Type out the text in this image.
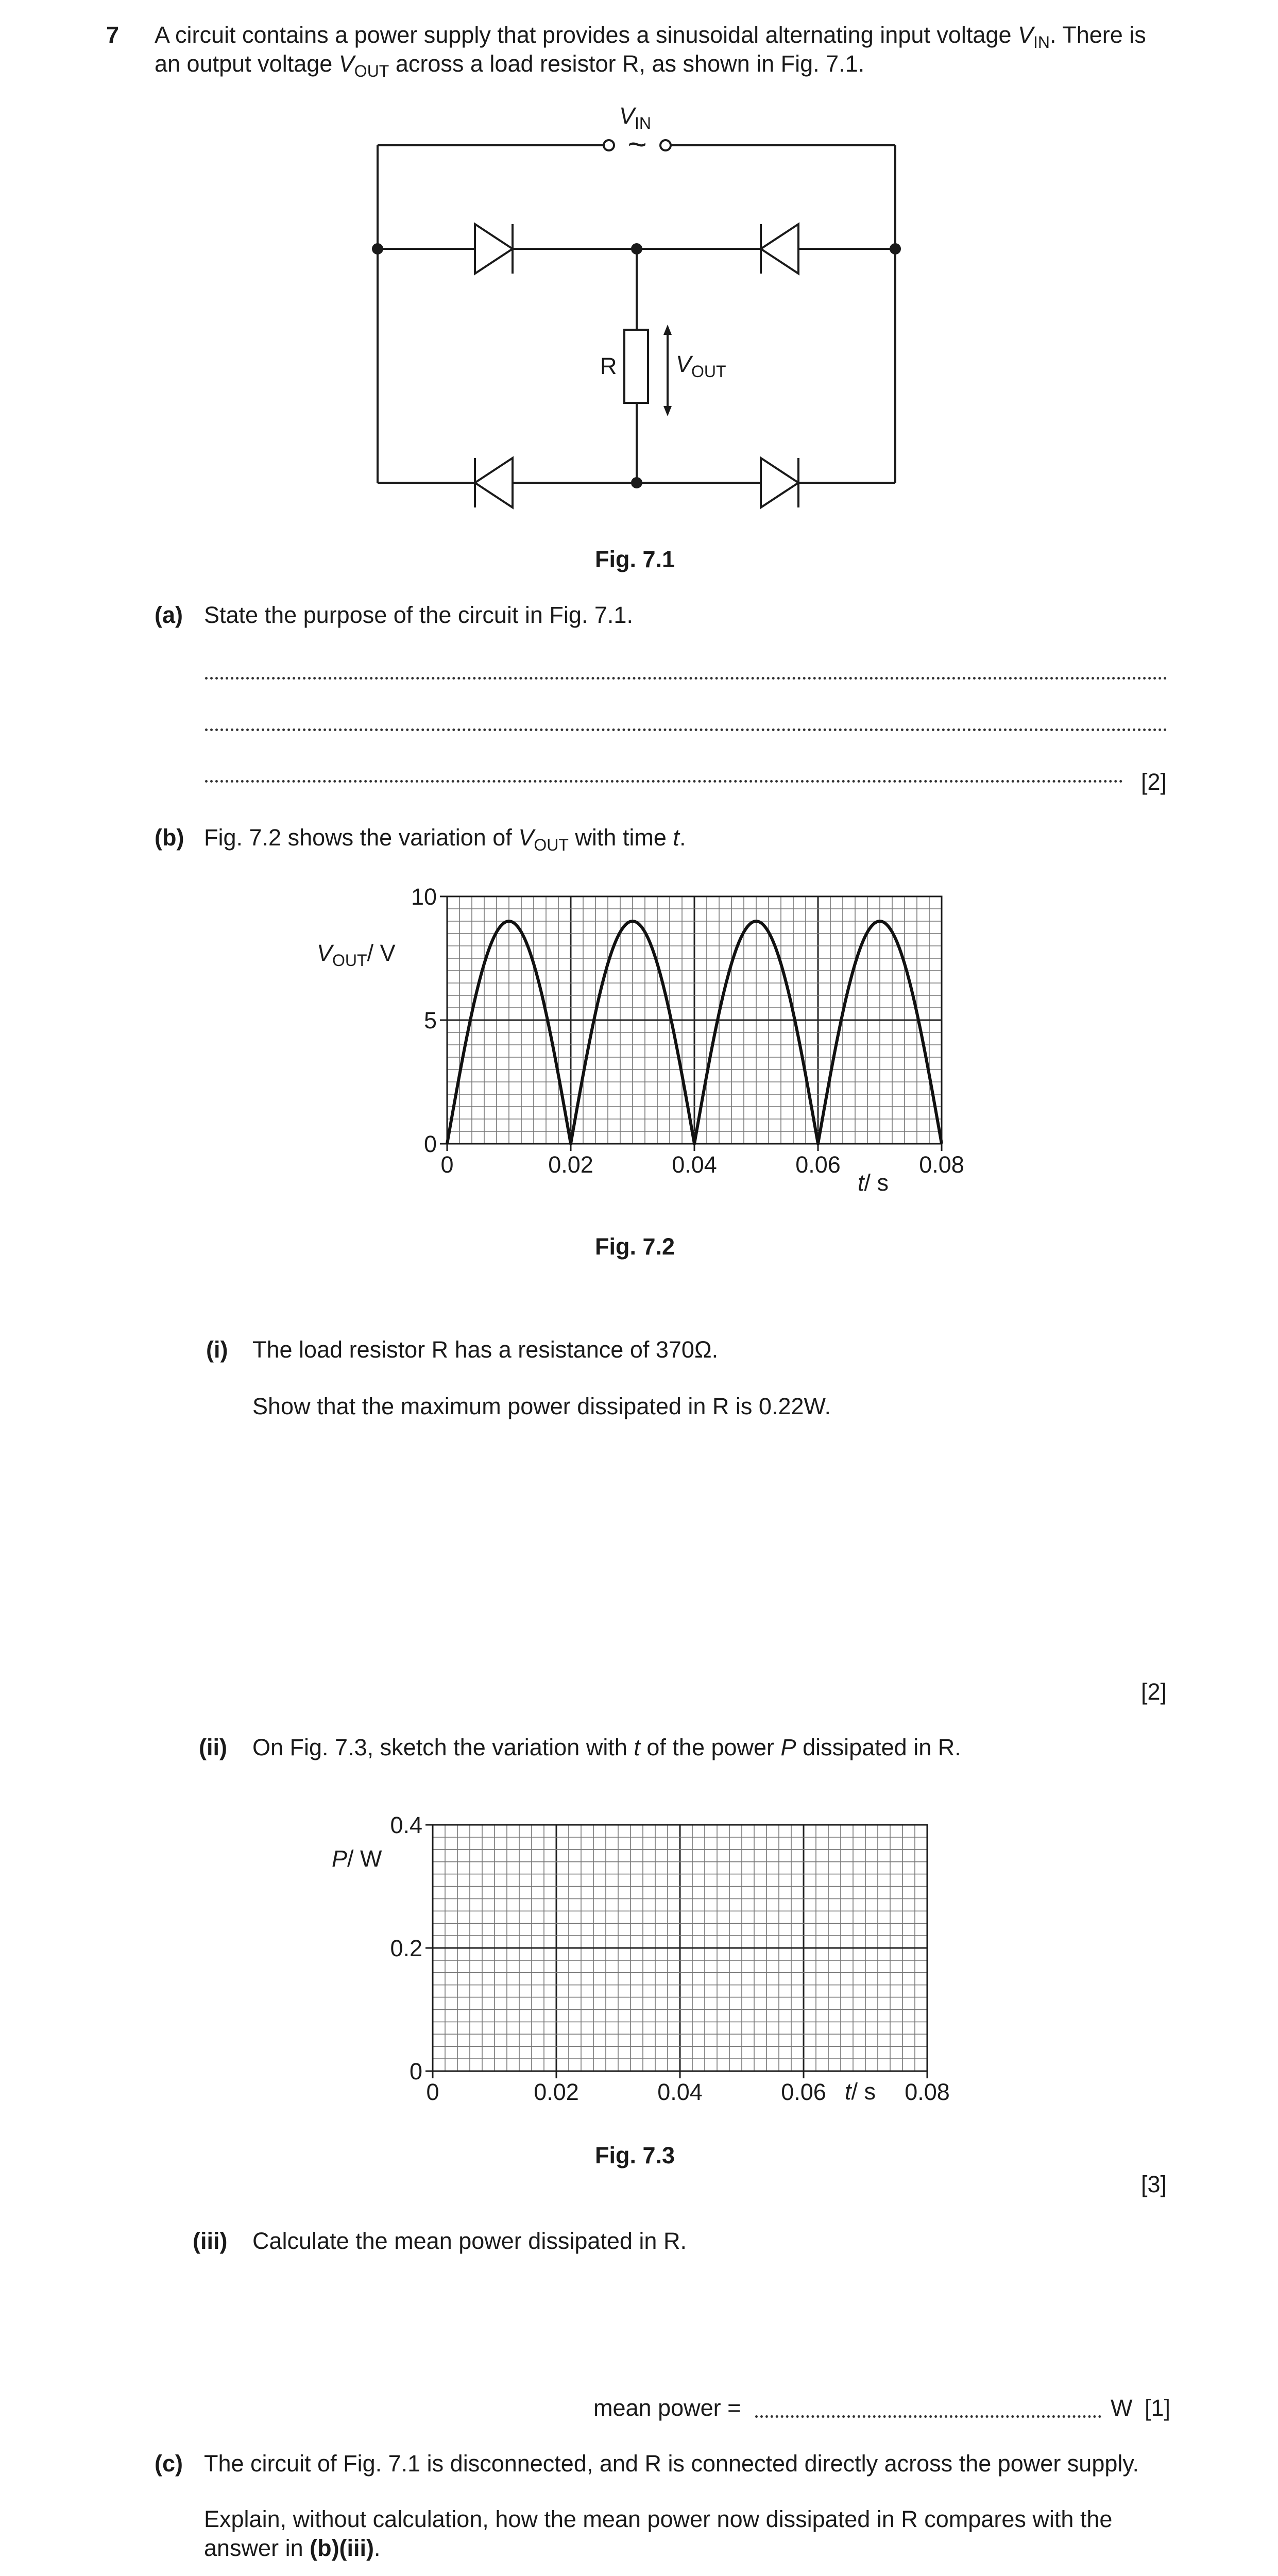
7 A circuit contains a power supply that provides a sinusoidal alternating input voltage $V_{IN}$. There is
an output voltage $V_{OUT}$ across a load resistor R, as shown in Fig. 7.1.
~
$V_{IN}$
R	$V_{OUT}$
Fig. 7.1
(a) State the purpose of the circuit in Fig. 7.1.
[2]
(b) Fig. 7.2 shows the variation of $V_{OUT}$ with time t.
0	0.02	0.04	0.06	0.08
0
5
10
$V_{OUT}/$ V
t/ s
Fig. 7.2
(i) The load resistor R has a resistance of 370Ω.
Show that the maximum power dissipated in R is 0.22W.
[2]
(ii) On Fig. 7.3, sketch the variation with t of the power P dissipated in R.
0	0.02	0.04	0.06	0.08
0
0.2
0.4
P/ W
t/ s
Fig. 7.3
[3]
(iii) Calculate the mean power dissipated in R.
mean power =	W [1]
(c) The circuit of Fig. 7.1 is disconnected, and R is connected directly across the power supply.
Explain, without calculation, how the mean power now dissipated in R compares with the
answer in (b)(iii).
